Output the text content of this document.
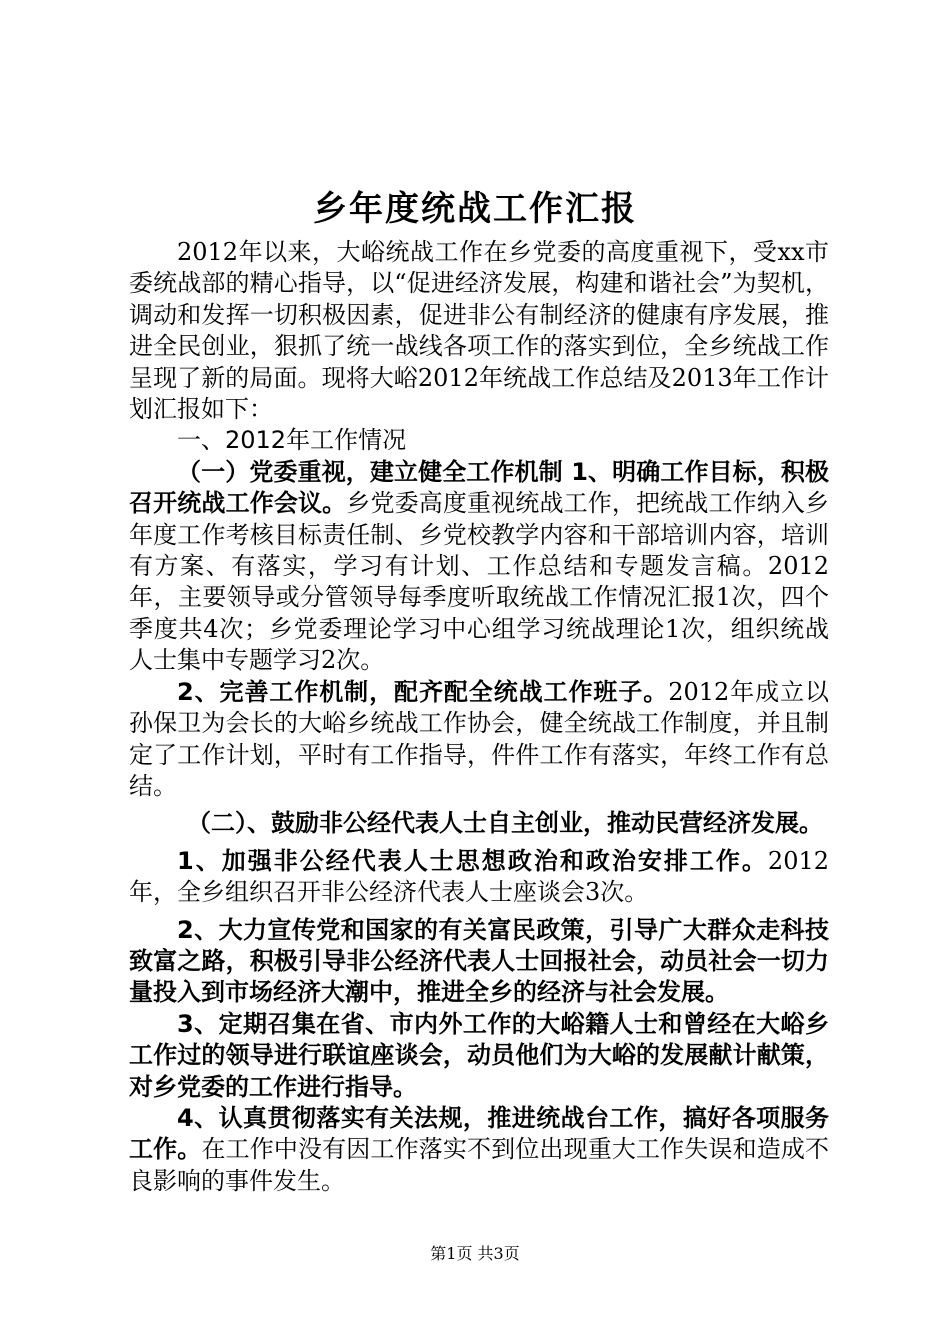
乡年度统战工作汇报

2012年以来，大峪统战工作在乡党委的高度重视下，受xx市委统战部的精心指导，以“促进经济发展，构建和谐社会”为契机，调动和发挥一切积极因素，促进非公有制经济的健康有序发展，推进全民创业，狠抓了统一战线各项工作的落实到位，全乡统战工作呈现了新的局面。现将大峪2012年统战工作总结及2013年工作计划汇报如下：

一、2012年工作情况

（一）党委重视，建立健全工作机制 1、明确工作目标，积极召开统战工作会议。乡党委高度重视统战工作，把统战工作纳入乡年度工作考核目标责任制、乡党校教学内容和干部培训内容，培训有方案、有落实，学习有计划、工作总结和专题发言稿。2012年，主要领导或分管领导每季度听取统战工作情况汇报1次，四个季度共4次；乡党委理论学习中心组学习统战理论1次，组织统战人士集中专题学习2次。

2、完善工作机制，配齐配全统战工作班子。2012年成立以孙保卫为会长的大峪乡统战工作协会，健全统战工作制度，并且制定了工作计划，平时有工作指导，件件工作有落实，年终工作有总结。

（二）、鼓励非公经代表人士自主创业，推动民营经济发展。

1、加强非公经代表人士思想政治和政治安排工作。2012年，全乡组织召开非公经济代表人士座谈会3次。

2、大力宣传党和国家的有关富民政策，引导广大群众走科技致富之路，积极引导非公经济代表人士回报社会，动员社会一切力量投入到市场经济大潮中，推进全乡的经济与社会发展。

3、定期召集在省、市内外工作的大峪籍人士和曾经在大峪乡工作过的领导进行联谊座谈会，动员他们为大峪的发展献计献策，对乡党委的工作进行指导。

4、认真贯彻落实有关法规，推进统战台工作，搞好各项服务工作。在工作中没有因工作落实不到位出现重大工作失误和造成不良影响的事件发生。

第1页 共3页
